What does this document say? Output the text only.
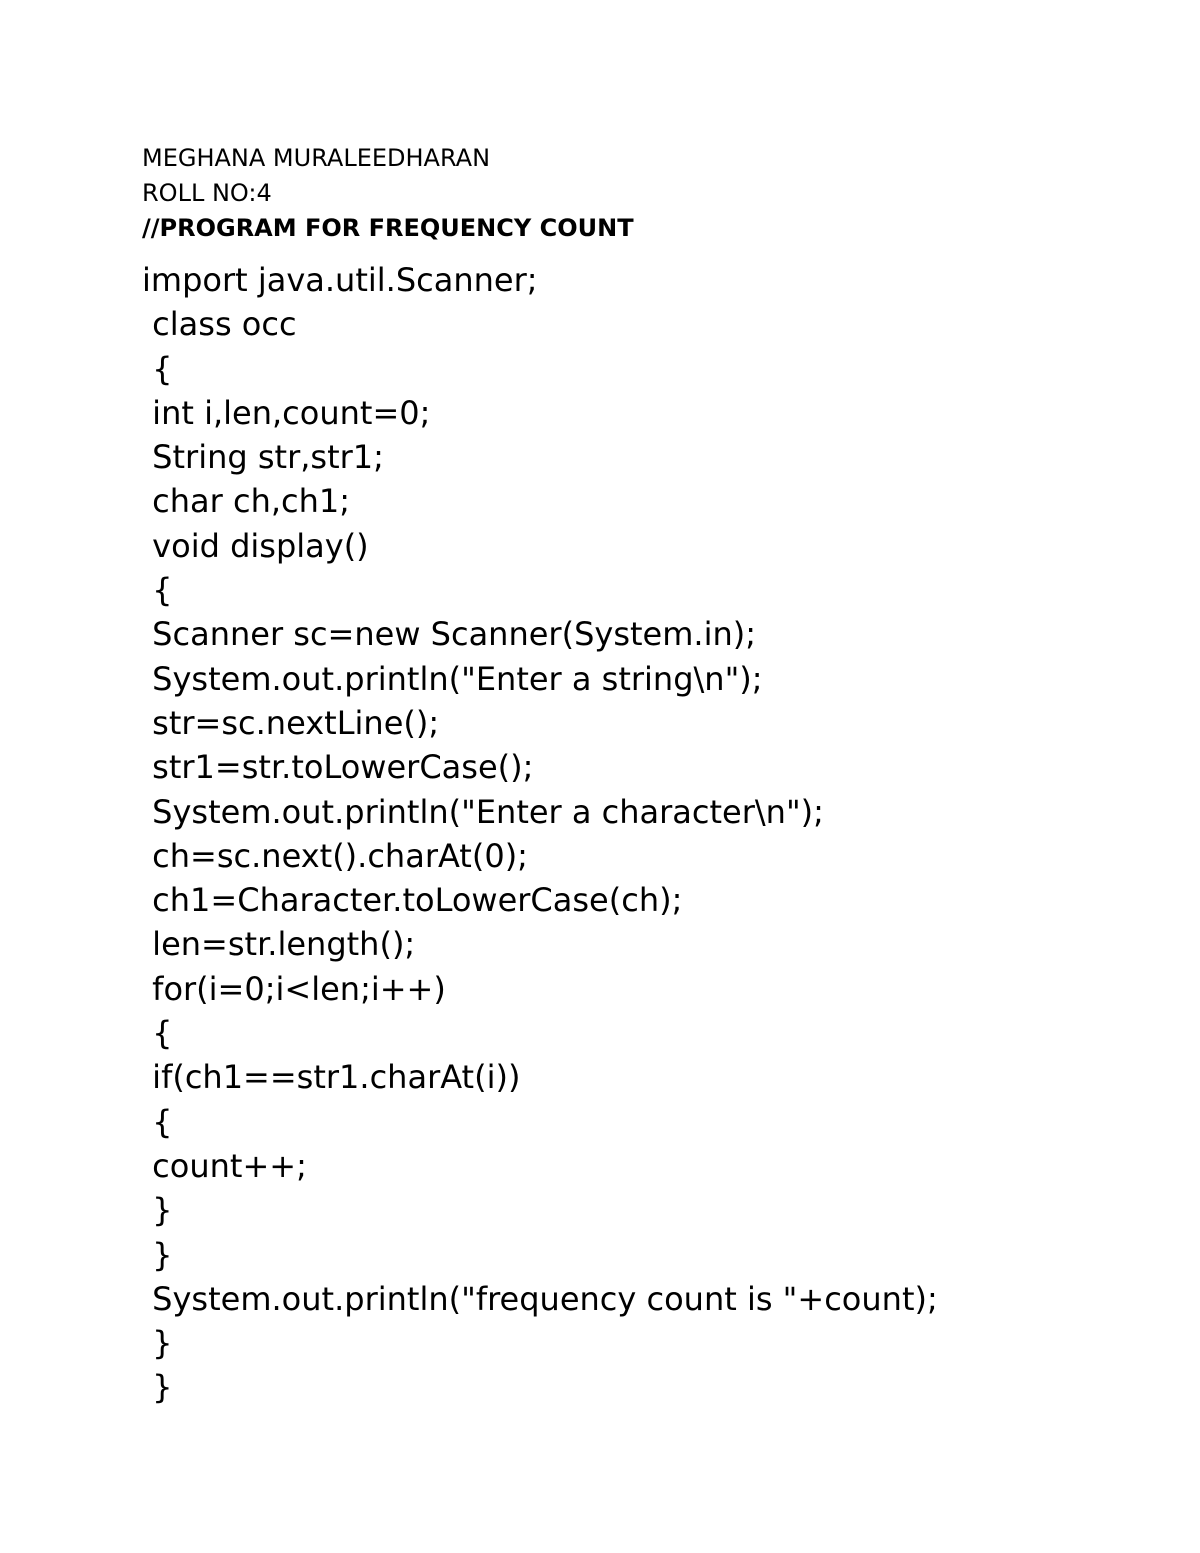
MEGHANA MURALEEDHARAN
ROLL NO:4
//PROGRAM FOR FREQUENCY COUNT
import java.util.Scanner;
class occ
{
int i,len,count=0;
String str,str1;
char ch,ch1;
void display()
{
Scanner sc=new Scanner(System.in);
System.out.println("Enter a string\n");
str=sc.nextLine();
str1=str.toLowerCase();
System.out.println("Enter a character\n");
ch=sc.next().charAt(0);
ch1=Character.toLowerCase(ch);
len=str.length();
for(i=0;i<len;i++)
{
if(ch1==str1.charAt(i))
{
count++;
}
}
System.out.println("frequency count is "+count);
}
}
